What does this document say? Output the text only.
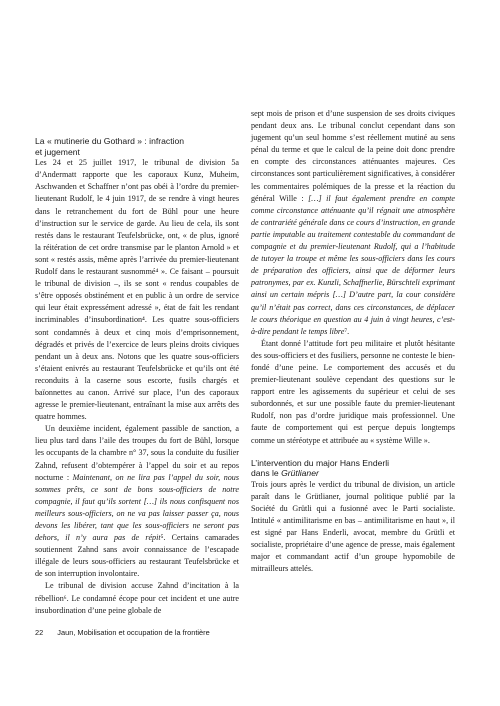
La « mutinerie du Gothard » : infraction
et jugement

Les 24 et 25 juillet 1917, le tribunal de division 5a d’Andermatt rapporte que les caporaux Kunz, Muheim, Aschwanden et Schaffner n’ont pas obéi à l’ordre du premier-lieutenant Rudolf, le 4 juin 1917, de se rendre à vingt heures dans le retranchement du fort de Bühl pour une heure d’instruction sur le service de garde. Au lieu de cela, ils sont restés dans le restaurant Teufelsbrücke, ont, « de plus, ignoré la réitération de cet ordre transmise par le planton Arnold » et sont « restés assis, même après l’arrivée du premier-lieutenant Rudolf dans le restaurant susnommé⁴ ». Ce faisant – poursuit le tribunal de division –, ils se sont « rendus coupables de s’être opposés obstinément et en public à un ordre de service qui leur était expressément adressé », état de fait les rendant incriminables d’insubordination⁴. Les quatre sous-officiers sont condamnés à deux et cinq mois d’emprisonnement, dégradés et privés de l’exercice de leurs pleins droits civiques pendant un à deux ans. Notons que les quatre sous-officiers s’étaient enivrés au restaurant Teufelsbrücke et qu’ils ont été reconduits à la caserne sous escorte, fusils chargés et baïonnettes au canon. Arrivé sur place, l’un des caporaux agresse le premier-lieutenant, entraînant la mise aux arrêts des quatre hommes.

Un deuxième incident, également passible de sanction, a lieu plus tard dans l’aile des troupes du fort de Bühl, lorsque les occupants de la chambre n° 37, sous la conduite du fusilier Zahnd, refusent d’obtempérer à l’appel du soir et au repos nocturne : Maintenant, on ne lira pas l’appel du soir, nous sommes prêts, ce sont de bons sous-officiers de notre compagnie, il faut qu’ils sortent […] ils nous confisquent nos meilleurs sous-officiers, on ne va pas laisser passer ça, nous devons les libérer, tant que les sous-officiers ne seront pas dehors, il n’y aura pas de répit⁵. Certains camarades soutiennent Zahnd sans avoir connaissance de l’escapade illégale de leurs sous-officiers au restaurant Teufelsbrücke et de son interruption involontaire.

Le tribunal de division accuse Zahnd d’incitation à la rébellion⁶. Le condamné écope pour cet incident et une autre insubordination d’une peine globale de

sept mois de prison et d’une suspension de ses droits civiques pendant deux ans. Le tribunal conclut cependant dans son jugement qu’un seul homme s’est réellement mutiné au sens pénal du terme et que le calcul de la peine doit donc prendre en compte des circonstances atténuantes majeures. Ces circonstances sont particulièrement significatives, à considérer les commentaires polémiques de la presse et la réaction du général Wille : […] il faut également prendre en compte comme circonstance atténuante qu’il régnait une atmosphère de contrariété générale dans ce cours d’instruction, en grande partie imputable au traitement contestable du commandant de compagnie et du premier-lieutenant Rudolf, qui a l’habitude de tutoyer la troupe et même les sous-officiers dans les cours de préparation des officiers, ainsi que de déformer leurs patronymes, par ex. Kunzli, Schaffnerlie, Bürschteli exprimant ainsi un certain mépris […] D’autre part, la cour considère qu’il n’était pas correct, dans ces circonstances, de déplacer le cours théorique en question au 4 juin à vingt heures, c’est-à-dire pendant le temps libre⁷.

Étant donné l’attitude fort peu militaire et plutôt hésitante des sous-officiers et des fusiliers, personne ne conteste le bien-fondé d’une peine. Le comportement des accusés et du premier-lieutenant soulève cependant des questions sur le rapport entre les agissements du supérieur et celui de ses subordonnés, et sur une possible faute du premier-lieutenant Rudolf, non pas d’ordre juridique mais professionnel. Une faute de comportement qui est perçue depuis longtemps comme un stéréotype et attribuée au « système Wille ».

L’intervention du major Hans Enderli
dans le Grütlianer

Trois jours après le verdict du tribunal de division, un article paraît dans le Grütlianer, journal politique publié par la Société du Grütli qui a fusionné avec le Parti socialiste. Intitulé « antimilitarisme en bas – antimilitarisme en haut », il est signé par Hans Enderli, avocat, membre du Grütli et socialiste, propriétaire d’une agence de presse, mais également major et commandant actif d’un groupe hypomobile de mitrailleurs attelés.

22 Jaun, Mobilisation et occupation de la frontière
